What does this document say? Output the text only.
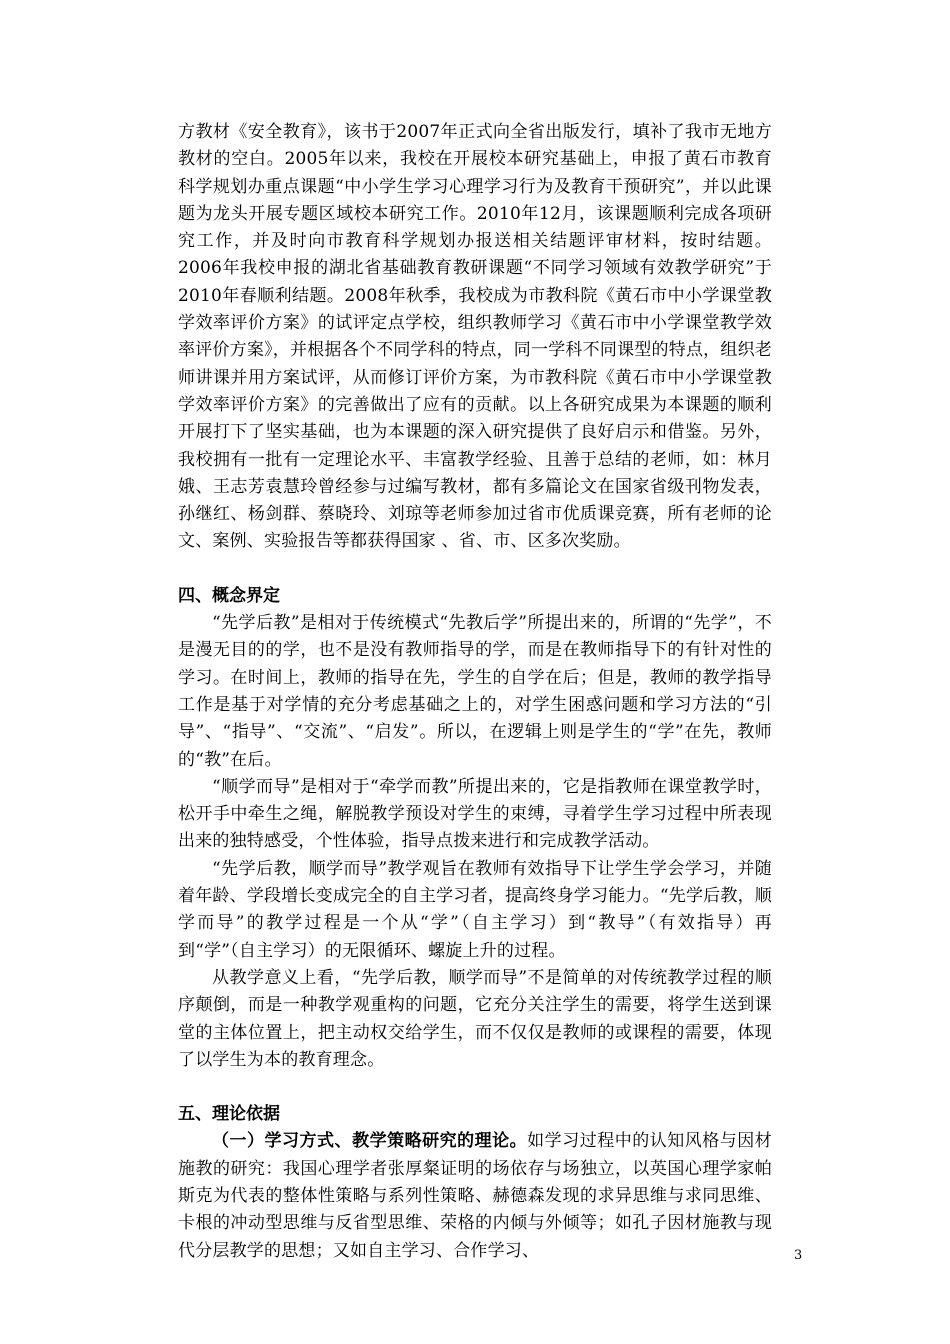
方教材《安全教育》，该书于2007年正式向全省出版发行，填补了我市无地方教材的空白。2005年以来，我校在开展校本研究基础上，申报了黄石市教育科学规划办重点课题“中小学生学习心理学习行为及教育干预研究”，并以此课题为龙头开展专题区域校本研究工作。2010年12月，该课题顺利完成各项研究工作，并及时向市教育科学规划办报送相关结题评审材料，按时结题。2006年我校申报的湖北省基础教育教研课题“不同学习领域有效教学研究”于2010年春顺利结题。2008年秋季，我校成为市教科院《黄石市中小学课堂教学效率评价方案》的试评定点学校，组织教师学习《黄石市中小学课堂教学效率评价方案》，并根据各个不同学科的特点，同一学科不同课型的特点，组织老师讲课并用方案试评，从而修订评价方案，为市教科院《黄石市中小学课堂教学效率评价方案》的完善做出了应有的贡献。以上各研究成果为本课题的顺利开展打下了坚实基础，也为本课题的深入研究提供了良好启示和借鉴。另外，我校拥有一批有一定理论水平、丰富教学经验、且善于总结的老师，如：林月娥、王志芳袁慧玲曾经参与过编写教材，都有多篇论文在国家省级刊物发表，孙继红、杨剑群、蔡晓玲、刘琼等老师参加过省市优质课竞赛，所有老师的论文、案例、实验报告等都获得国家 、省、市、区多次奖励。

四、概念界定

“先学后教”是相对于传统模式“先教后学”所提出来的，所谓的“先学”，不是漫无目的的学，也不是没有教师指导的学，而是在教师指导下的有针对性的学习。在时间上，教师的指导在先，学生的自学在后；但是，教师的教学指导工作是基于对学情的充分考虑基础之上的，对学生困惑问题和学习方法的“引导”、“指导”、“交流”、“启发”。所以，在逻辑上则是学生的“学”在先，教师的“教”在后。

“顺学而导”是相对于“牵学而教”所提出来的，它是指教师在课堂教学时，松开手中牵生之绳，解脱教学预设对学生的束缚，寻着学生学习过程中所表现出来的独特感受，个性体验，指导点拨来进行和完成教学活动。

“先学后教，顺学而导”教学观旨在教师有效指导下让学生学会学习，并随着年龄、学段增长变成完全的自主学习者，提高终身学习能力。“先学后教，顺学而导”的教学过程是一个从“学”（自主学习）到“教导”（有效指导）再到“学”（自主学习）的无限循环、螺旋上升的过程。

从教学意义上看，“先学后教，顺学而导”不是简单的对传统教学过程的顺序颠倒，而是一种教学观重构的问题，它充分关注学生的需要，将学生送到课堂的主体位置上，把主动权交给学生，而不仅仅是教师的或课程的需要，体现了以学生为本的教育理念。

五、理论依据

（一）学习方式、教学策略研究的理论。如学习过程中的认知风格与因材施教的研究：我国心理学者张厚粲证明的场依存与场独立，以英国心理学家帕斯克为代表的整体性策略与系列性策略、赫德森发现的求异思维与求同思维、卡根的冲动型思维与反省型思维、荣格的内倾与外倾等；如孔子因材施教与现代分层教学的思想；又如自主学习、合作学习、	3
